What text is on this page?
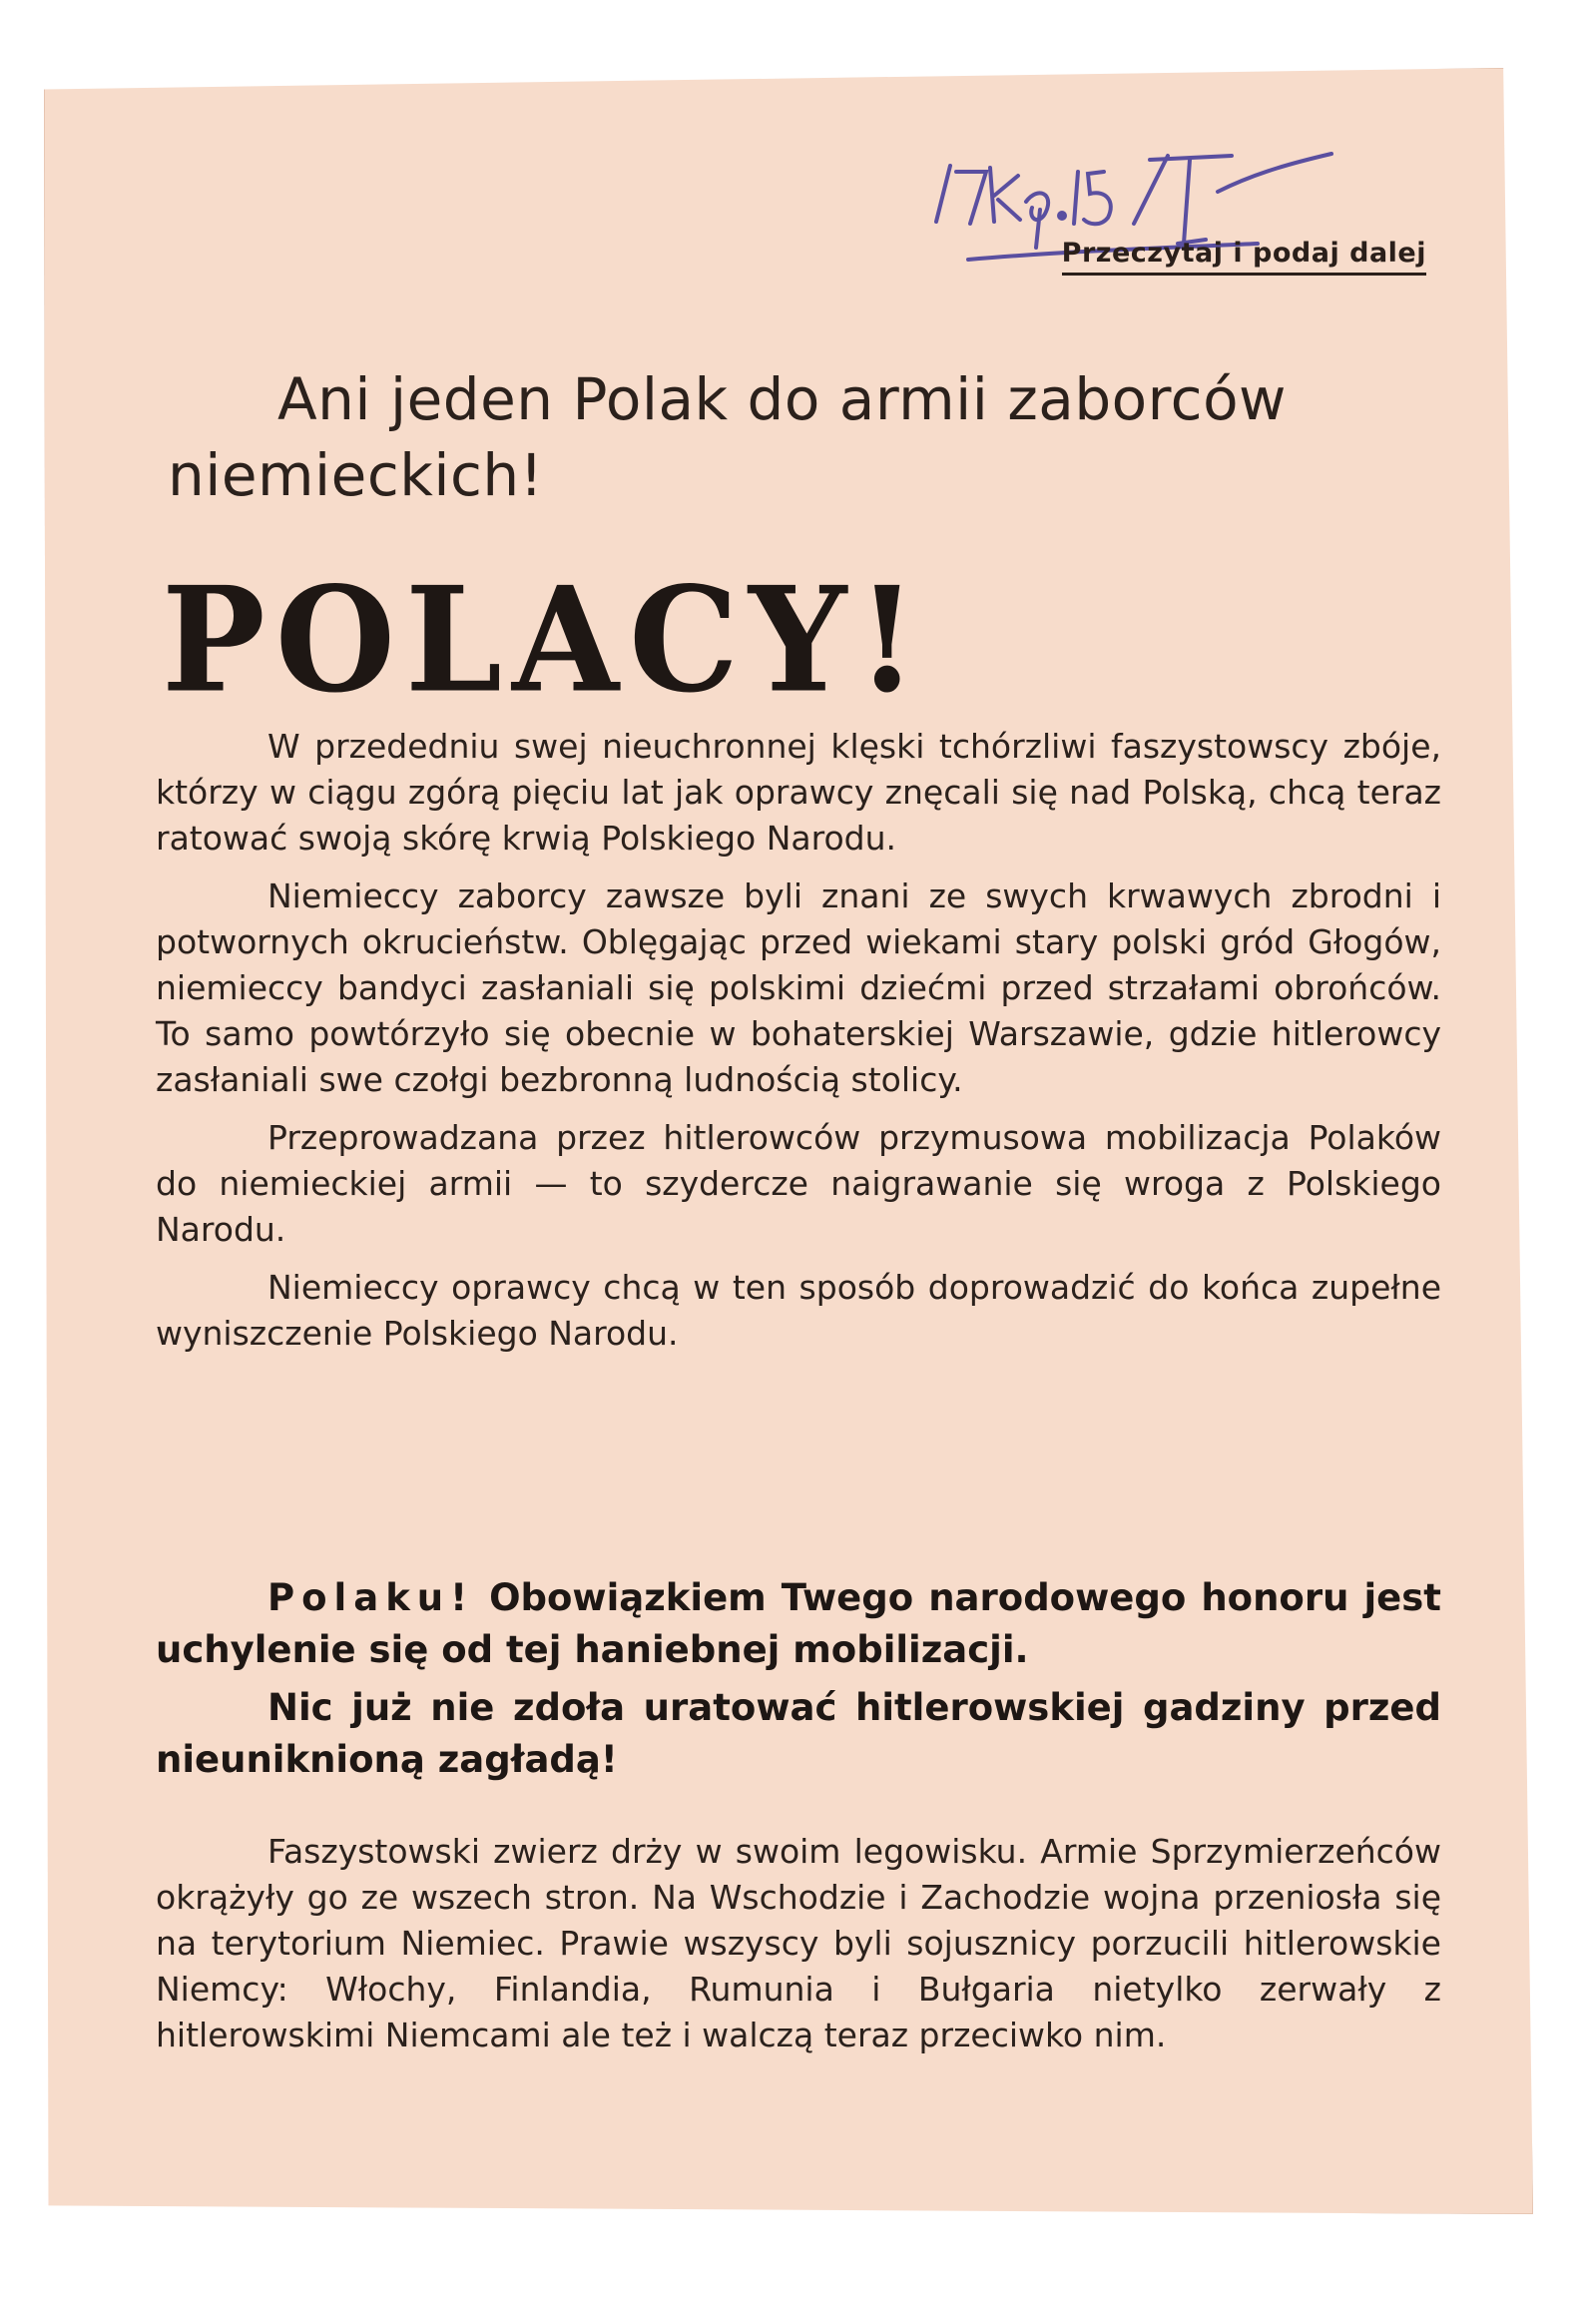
Przeczytaj i podaj dalej
Ani jeden Polak do armii zaborców niemieckich!
POLACY!

W przededniu swej nieuchronnej klęski tchórzliwi faszystowscy zbóje, którzy w ciągu zgórą pięciu lat jak oprawcy znęcali się nad Polską, chcą teraz ratować swoją skórę krwią Polskiego Narodu.

Niemieccy zaborcy zawsze byli znani ze swych krwawych zbrodni i potwornych okrucieństw. Oblęgając przed wiekami stary polski gród Głogów, niemieccy bandyci zasłaniali się polskimi dziećmi przed strzałami obrońców. To samo powtórzyło się obecnie w bohaterskiej Warszawie, gdzie hitlerowcy zasłaniali swe czołgi bezbronną ludnością stolicy.

Przeprowadzana przez hitlerowców przymusowa mobilizacja Polaków do niemieckiej armii — to szydercze naigrawanie się wroga z Polskiego Narodu.

Niemieccy oprawcy chcą w ten sposób doprowadzić do końca zupełne wyniszczenie Polskiego Narodu.

Polaku! Obowiązkiem Twego narodowego honoru jest uchylenie się od tej haniebnej mobilizacji.

Nic już nie zdoła uratować hitlerowskiej gadziny przed nieuniknioną zagładą!

Faszystowski zwierz drży w swoim legowisku. Armie Sprzymierzeńców okrążyły go ze wszech stron. Na Wschodzie i Zachodzie wojna przeniosła się na terytorium Niemiec. Prawie wszyscy byli sojusznicy porzucili hitlerowskie Niemcy: Włochy, Finlandia, Rumunia i Bułgaria nietylko zerwały z hitlerowskimi Niemcami ale też i walczą teraz przeciwko nim.
